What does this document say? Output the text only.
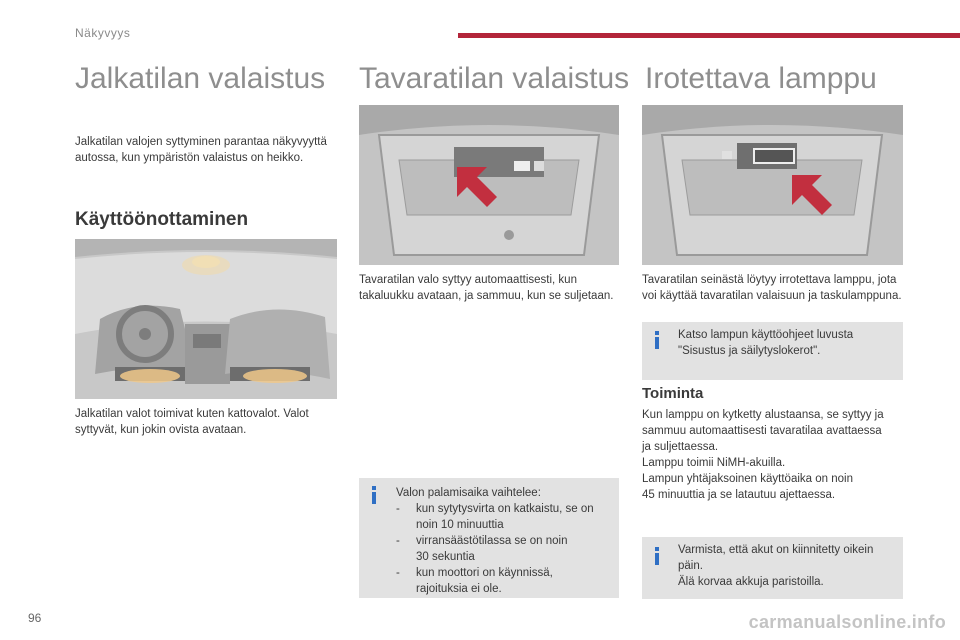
Näkyvyys
Jalkatilan valaistus
Jalkatilan valojen syttyminen parantaa näkyvyyttä autossa, kun ympäristön valaistus on heikko.
Käyttöönottaminen
Jalkatilan valot toimivat kuten kattovalot. Valot syttyvät, kun jokin ovista avataan.
Tavaratilan valaistus
Tavaratilan valo syttyy automaattisesti, kun takaluukku avataan, ja sammuu, kun se suljetaan.
Valon palamisaika vaihtelee:
- kun sytytysvirta on katkaistu, se on
noin 10 minuuttia
- virransäästötilassa se on noin
30 sekuntia
- kun moottori on käynnissä,
rajoituksia ei ole.
Irotettava lamppu
Tavaratilan seinästä löytyy irrotettava lamppu, jota voi käyttää tavaratilan valaisuun ja taskulamppuna.
Katso lampun käyttöohjeet luvusta "Sisustus ja säilytyslokerot".
Toiminta
Kun lamppu on kytketty alustaansa, se syttyy ja
sammuu automaattisesti tavaratilaa avattaessa
ja suljettaessa.
Lamppu toimii NiMH-akuilla.
Lampun yhtäjaksoinen käyttöaika on noin
45 minuuttia ja se latautuu ajettaessa.
Varmista, että akut on kiinnitetty oikein
päin.
Älä korvaa akkuja paristoilla.
96	carmanualsonline.info
